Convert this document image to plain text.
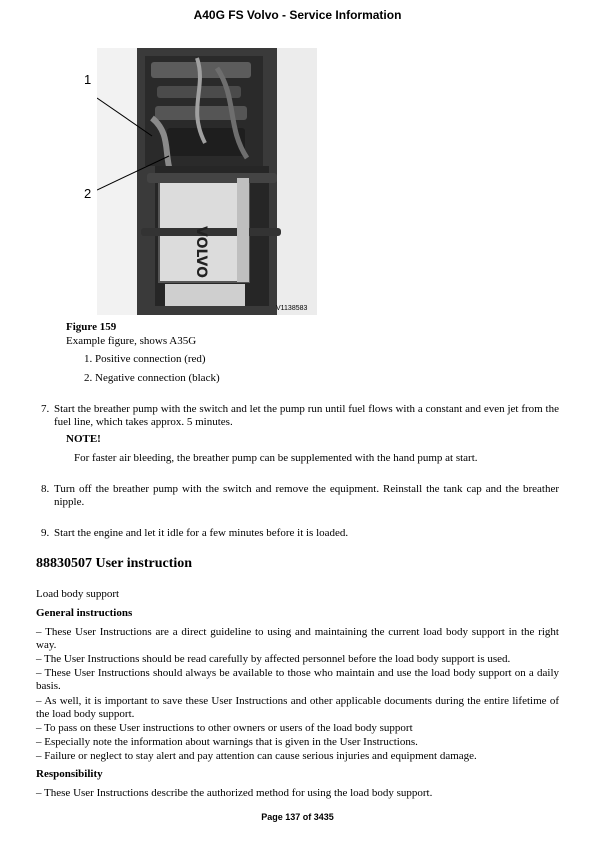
A40G FS Volvo - Service Information
VOLVO
1
2
V1138583
Figure 159
Example figure, shows A35G
1. Positive connection (red)
2. Negative connection (black)
7. Start the breather pump with the switch and let the pump run until fuel flows with a constant and even jet from the fuel line, which takes approx. 5 minutes.
NOTE!
For faster air bleeding, the breather pump can be supplemented with the hand pump at start.
8. Turn off the breather pump with the switch and remove the equipment. Reinstall the tank cap and the breather nipple.
9. Start the engine and let it idle for a few minutes before it is loaded.
88830507 User instruction
Load body support
General instructions
– These User Instructions are a direct guideline to using and maintaining the current load body support in the right way.
– The User Instructions should be read carefully by affected personnel before the load body support is used.
– These User Instructions should always be available to those who maintain and use the load body support on a daily basis.
– As well, it is important to save these User Instructions and other applicable documents during the entire lifetime of the load body support.
– To pass on these User instructions to other owners or users of the load body support
– Especially note the information about warnings that is given in the User Instructions.
– Failure or neglect to stay alert and pay attention can cause serious injuries and equipment damage.
Responsibility
– These User Instructions describe the authorized method for using the load body support.
Page 137 of 3435
